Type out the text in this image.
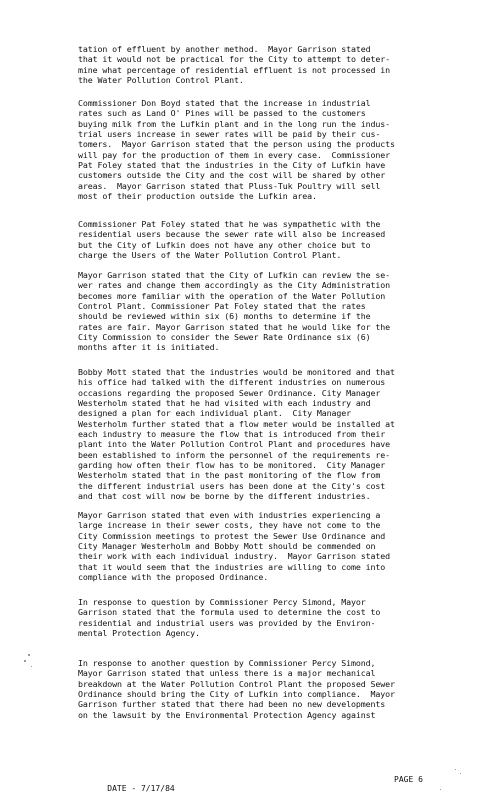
tation of effluent by another method.  Mayor Garrison stated
that it would not be practical for the City to attempt to deter-
mine what percentage of residential effluent is not processed in
the Water Pollution Control Plant.

Commissioner Don Boyd stated that the increase in industrial
rates such as Land O' Pines will be passed to the customers
buying milk from the Lufkin plant and in the long run the indus-
trial users increase in sewer rates will be paid by their cus-
tomers.  Mayor Garrison stated that the person using the products
will pay for the production of them in every case.  Commissioner
Pat Foley stated that the industries in the City of Lufkin have
customers outside the City and the cost will be shared by other
areas.  Mayor Garrison stated that Pluss-Tuk Poultry will sell
most of their production outside the Lufkin area.

Commissioner Pat Foley stated that he was sympathetic with the
residential users because the sewer rate will also be increased
but the City of Lufkin does not have any other choice but to
charge the Users of the Water Pollution Control Plant.

Mayor Garrison stated that the City of Lufkin can review the se-
wer rates and change them accordingly as the City Administration
becomes more familiar with the operation of the Water Pollution
Control Plant. Commissioner Pat Foley stated that the rates
should be reviewed within six (6) months to determine if the
rates are fair. Mayor Garrison stated that he would like for the
City Commission to consider the Sewer Rate Ordinance six (6)
months after it is initiated.

Bobby Mott stated that the industries would be monitored and that
his office had talked with the different industries on numerous
occasions regarding the proposed Sewer Ordinance. City Manager
Westerholm stated that he had visited with each industry and
designed a plan for each individual plant.  City Manager
Westerholm further stated that a flow meter would be installed at
each industry to measure the flow that is introduced from their
plant into the Water Pollution Control Plant and procedures have
been established to inform the personnel of the requirements re-
garding how often their flow has to be monitored.  City Manager
Westerholm stated that in the past monitoring of the flow from
the different industrial users has been done at the City's cost
and that cost will now be borne by the different industries.

Mayor Garrison stated that even with industries experiencing a
large increase in their sewer costs, they have not come to the
City Commission meetings to protest the Sewer Use Ordinance and
City Manager Westerholm and Bobby Mott should be commended on
their work with each individual industry.  Mayor Garrison stated
that it would seem that the industries are willing to come into
compliance with the proposed Ordinance.

In response to question by Commissioner Percy Simond, Mayor
Garrison stated that the formula used to determine the cost to
residential and industrial users was provided by the Environ-
mental Protection Agency.

In response to another question by Commissioner Percy Simond,
Mayor Garrison stated that unless there is a major mechanical
breakdown at the Water Pollution Control Plant the proposed Sewer
Ordinance should bring the City of Lufkin into compliance.  Mayor
Garrison further stated that there had been no new developments
on the lawsuit by the Environmental Protection Agency against

DATE - 7/17/84

PAGE 6
